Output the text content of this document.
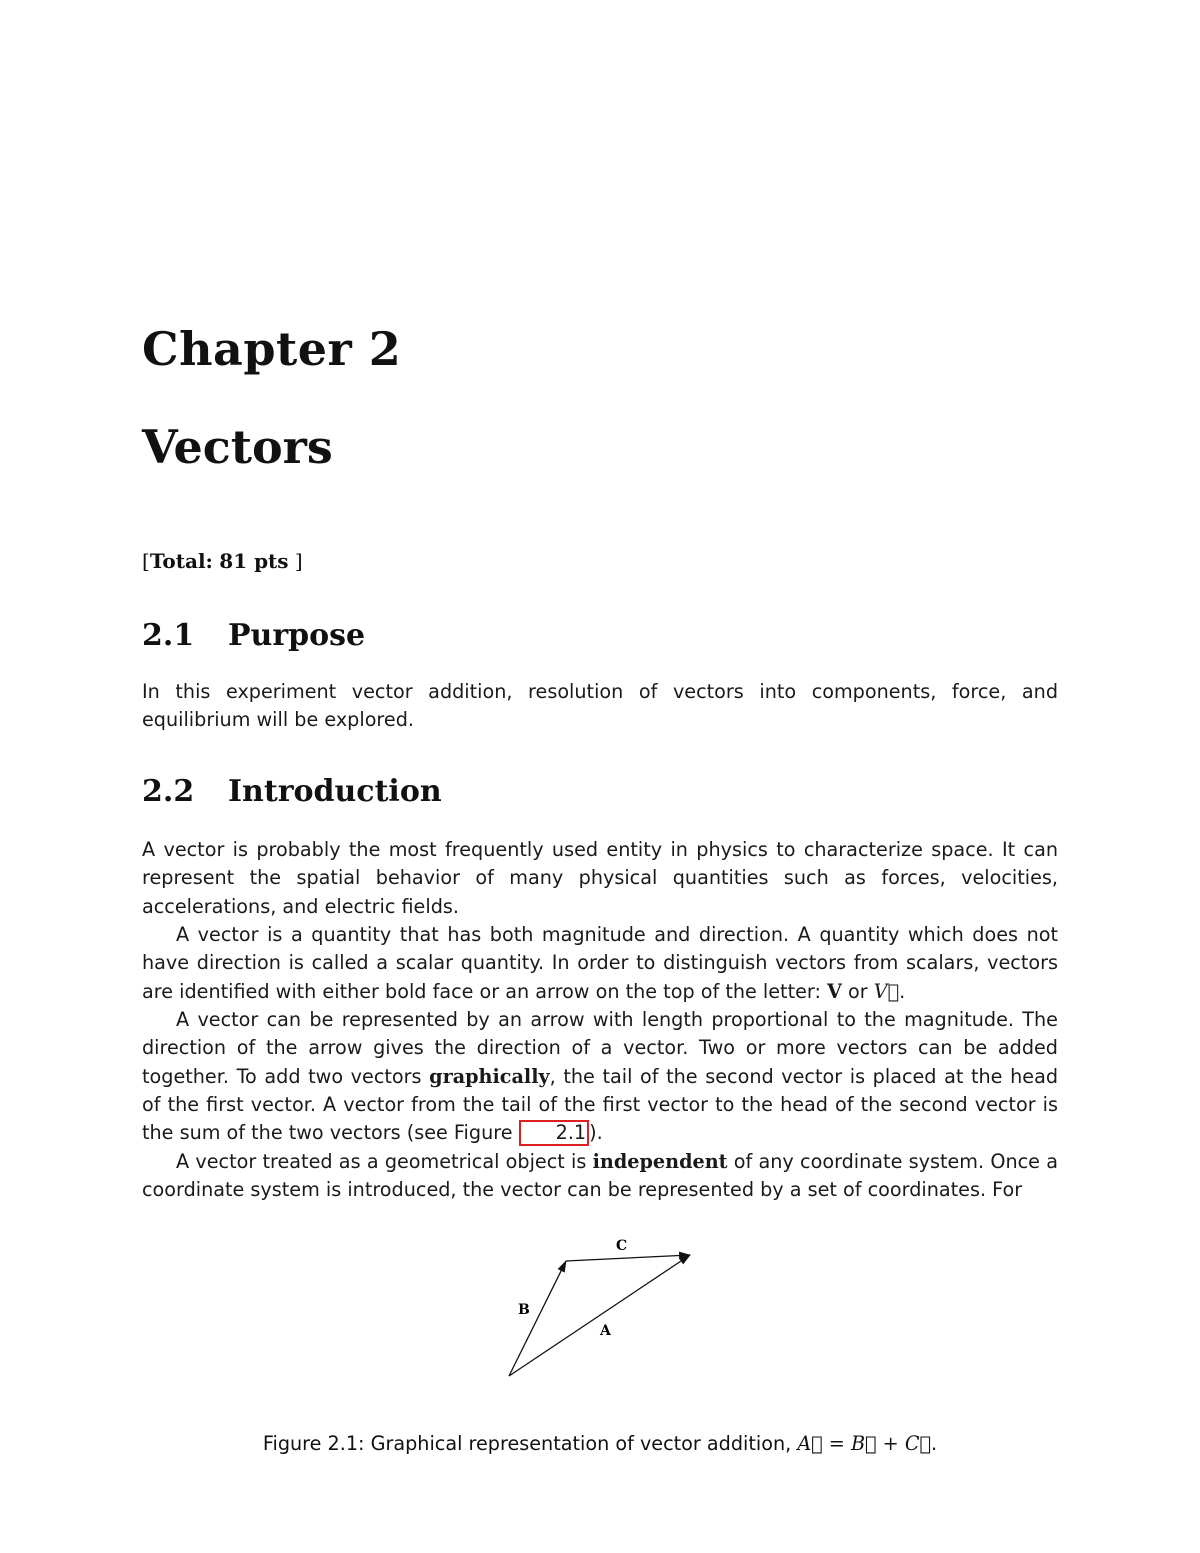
Chapter 2
Vectors
[Total: 81 pts ]
2.1 Purpose
In this experiment vector addition, resolution of vectors into components, force, and equilibrium will be explored.
2.2 Introduction
A vector is probably the most frequently used entity in physics to characterize space. It can represent the spatial behavior of many physical quantities such as forces, velocities, accelerations, and electric fields.
A vector is a quantity that has both magnitude and direction. A quantity which does not have direction is called a scalar quantity. In order to distinguish vectors from scalars, vectors are identified with either bold face or an arrow on the top of the letter: V or V⃗.
A vector can be represented by an arrow with length proportional to the magnitude. The direction of the arrow gives the direction of a vector. Two or more vectors can be added together. To add two vectors graphically, the tail of the second vector is placed at the head of the first vector. A vector from the tail of the first vector to the head of the second vector is the sum of the two vectors (see Figure 2.1 ).
A vector treated as a geometrical object is independent of any coordinate system. Once a coordinate system is introduced, the vector can be represented by a set of coordinates. For
B
C
A
Figure 2.1: Graphical representation of vector addition, A⃗ = B⃗ + C⃗.
